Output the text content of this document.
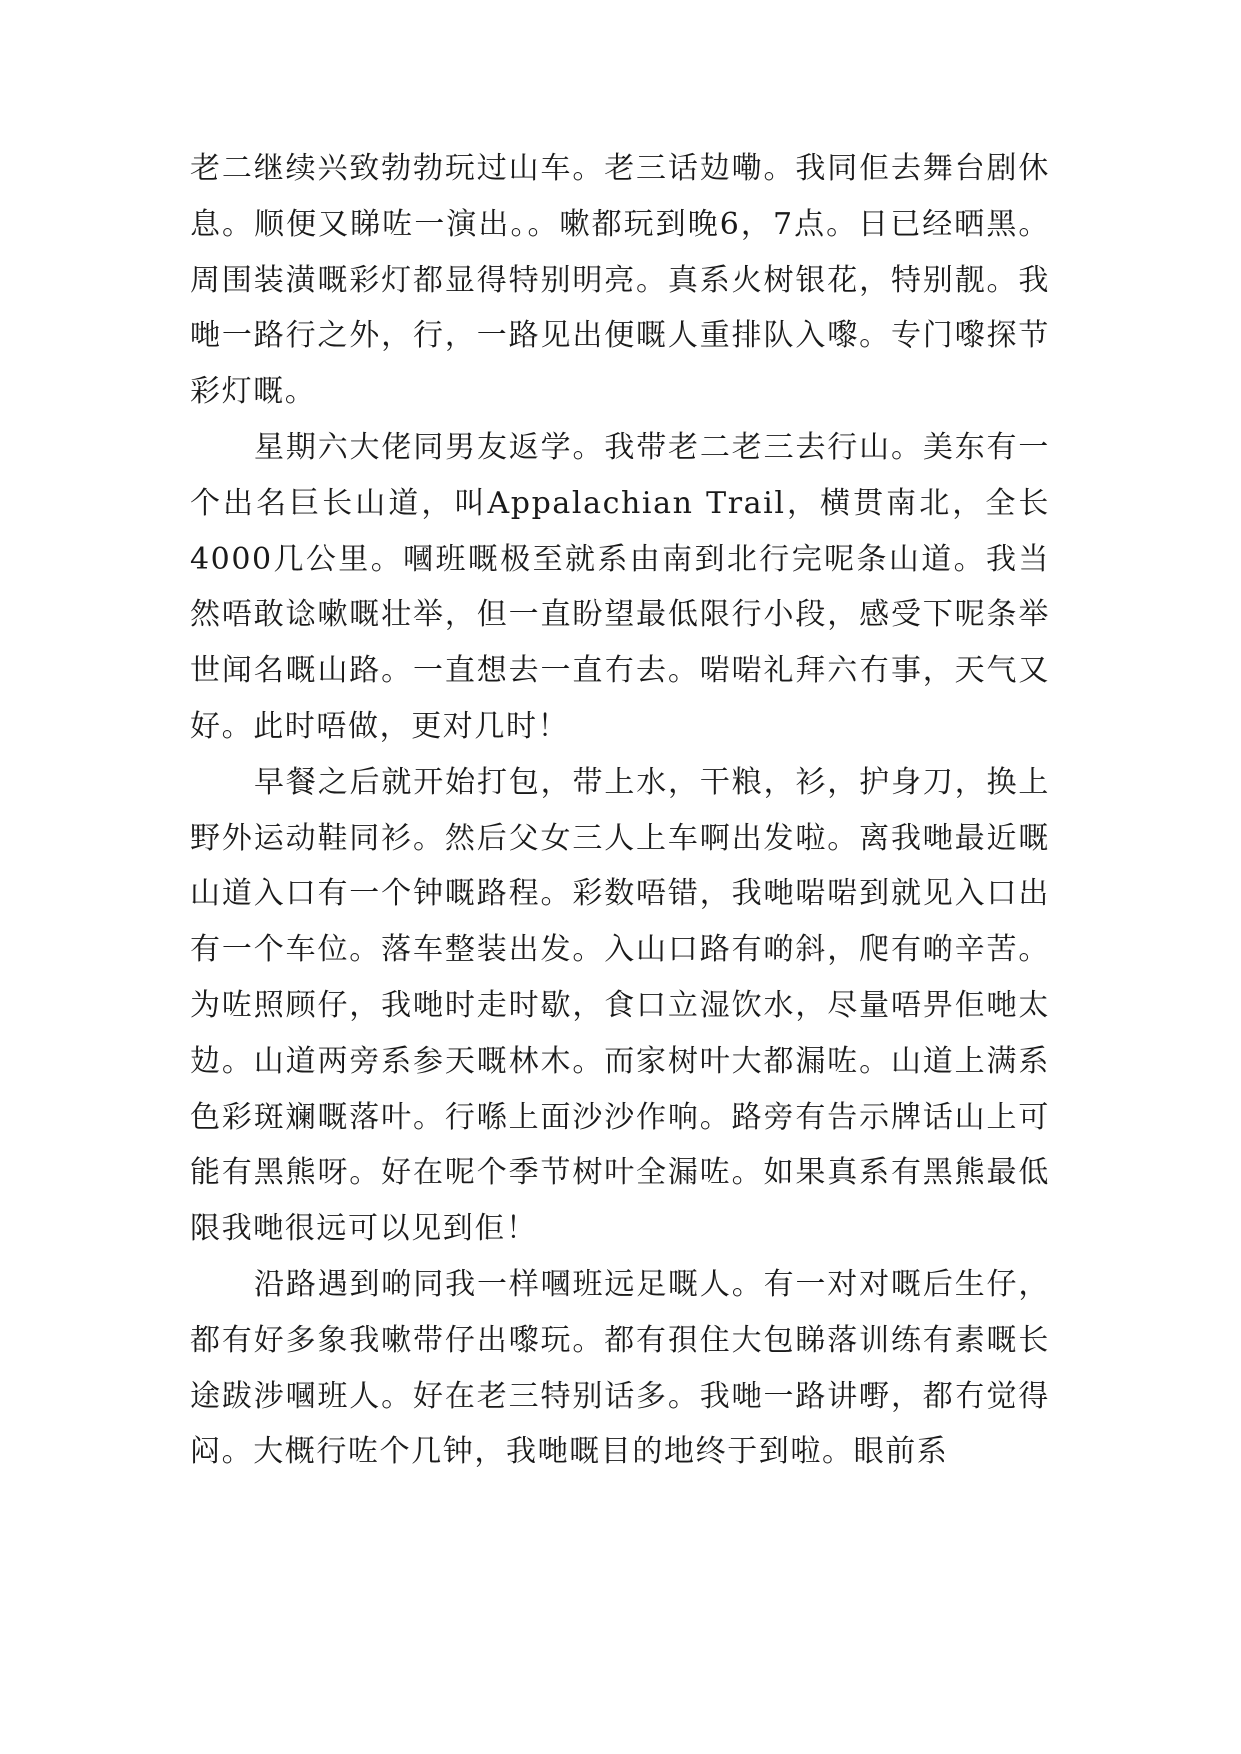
老二继续兴致勃勃玩过山车。老三话攰嘞。我同佢去舞台剧休息。顺便又睇咗一演出。。嗽都玩到晚6，7点。日已经晒黑。周围装潢嘅彩灯都显得特别明亮。真系火树银花，特别靓。我哋一路行之外，行，一路见出便嘅人重排队入嚟。专门嚟探节彩灯嘅。

星期六大佬同男友返学。我带老二老三去行山。美东有一个出名巨长山道，叫Appalachian Trail，横贯南北，全长4000几公里。嘓班嘅极至就系由南到北行完呢条山道。我当然唔敢谂嗽嘅壮举，但一直盼望最低限行小段，感受下呢条举世闻名嘅山路。一直想去一直冇去。啱啱礼拜六冇事，天气又好。此时唔做，更对几时！

早餐之后就开始打包，带上水，干粮，衫，护身刀，换上野外运动鞋同衫。然后父女三人上车啊出发啦。离我哋最近嘅山道入口有一个钟嘅路程。彩数唔错，我哋啱啱到就见入口出有一个车位。落车整装出发。入山口路有啲斜，爬有啲辛苦。为咗照顾仔，我哋时走时歇，食口立湿饮水，尽量唔畀佢哋太攰。山道两旁系参天嘅林木。而家树叶大都漏咗。山道上满系色彩斑斓嘅落叶。行喺上面沙沙作响。路旁有告示牌话山上可能有黑熊呀。好在呢个季节树叶全漏咗。如果真系有黑熊最低限我哋很远可以见到佢！

沿路遇到啲同我一样嘓班远足嘅人。有一对对嘅后生仔，都有好多象我嗽带仔出嚟玩。都有孭住大包睇落训练有素嘅长途跋涉嘓班人。好在老三特别话多。我哋一路讲嘢，都冇觉得闷。大概行咗个几钟，我哋嘅目的地终于到啦。眼前系
